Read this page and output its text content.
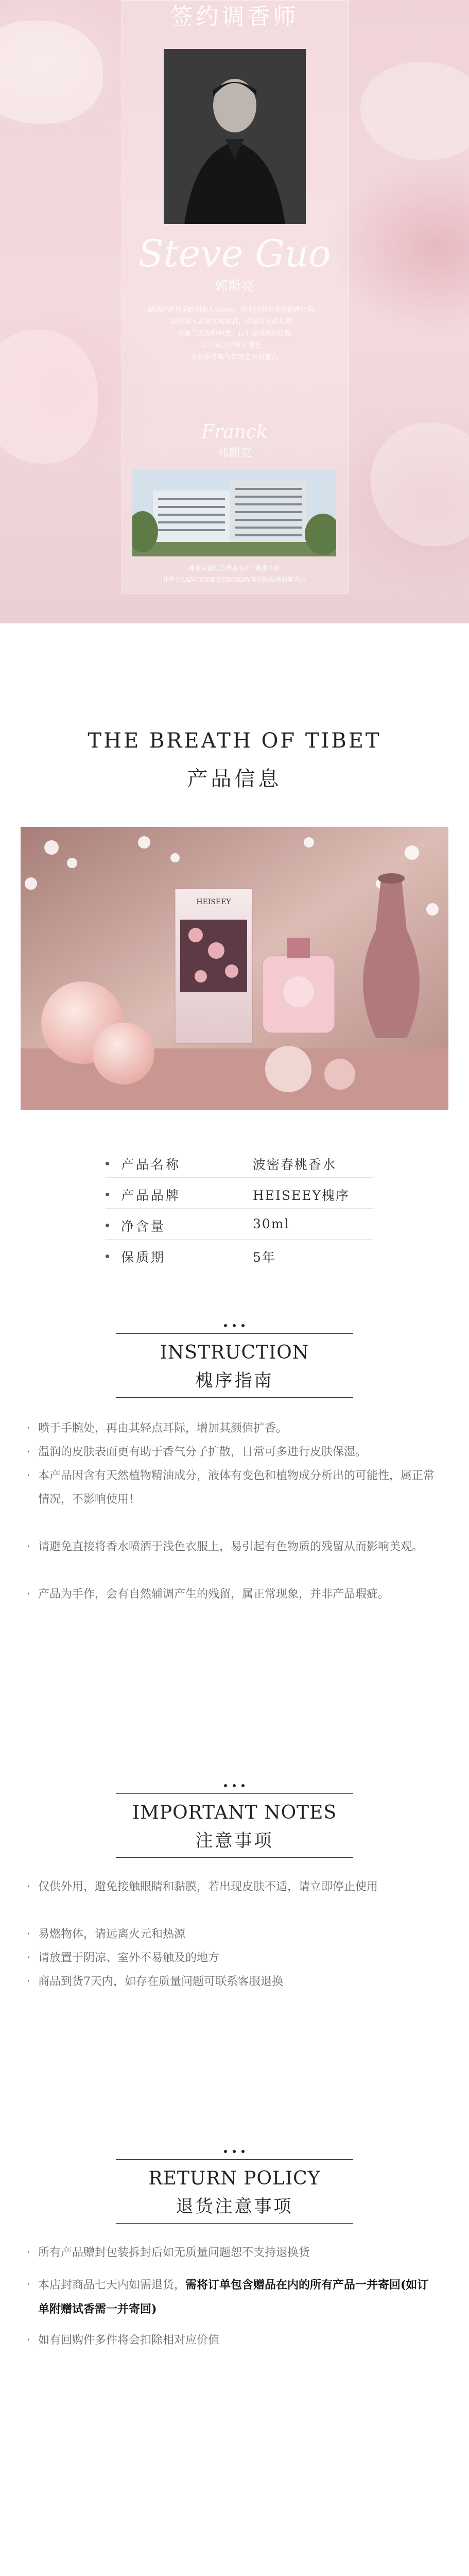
签约调香师
Steve Guo
郭斯亮
藏满诗香世家的创始人Steve，在中国拥有多年调香经验，
20年深入高原实地调香，作品可长达几周，
精通三大香料种类，有丰富的调香经验
以中式美学审美调香，
将高原香味与传统艺术相融合
Franck
弗朗克
弗朗克曾任世界著名IFF调香大师
并曾为LANCOME及TIFFANY等国际品牌调制香水
THE BREATH OF TIBET
产品信息
HEISEEY
产品名称	波密春桃香水
产品品牌	HEISEEY槐序
净含量	30ml
保质期	5年
INSTRUCTION
槐序指南
· 喷于手腕处，再由其轻点耳际，增加其颜值扩香。
· 温润的皮肤表面更有助于香气分子扩散，日常可多进行皮肤保湿。
· 本产品因含有天然植物精油成分，液体有变色和植物成分析出的可能性，属正常情况，不影响使用！
· 请避免直接将香水喷洒于浅色衣服上，易引起有色物质的残留从而影响美观。
· 产品为手作，会有自然辅调产生的残留，属正常现象，并非产品瑕疵。
IMPORTANT NOTES
注意事项
· 仅供外用，避免接触眼睛和黏膜，若出现皮肤不适，请立即停止使用
· 易燃物体，请远离火元和热源
· 请放置于阴凉、室外不易触及的地方
· 商品到货7天内，如存在质量问题可联系客服退换
RETURN POLICY
退货注意事项
· 所有产品赠封包装拆封后如无质量问题恕不支持退换货
· 本店封商品七天内如需退货，需将订单包含赠品在内的所有产品一并寄回(如订单附赠试香需一并寄回)
· 如有回购件多件将会扣除相对应价值
